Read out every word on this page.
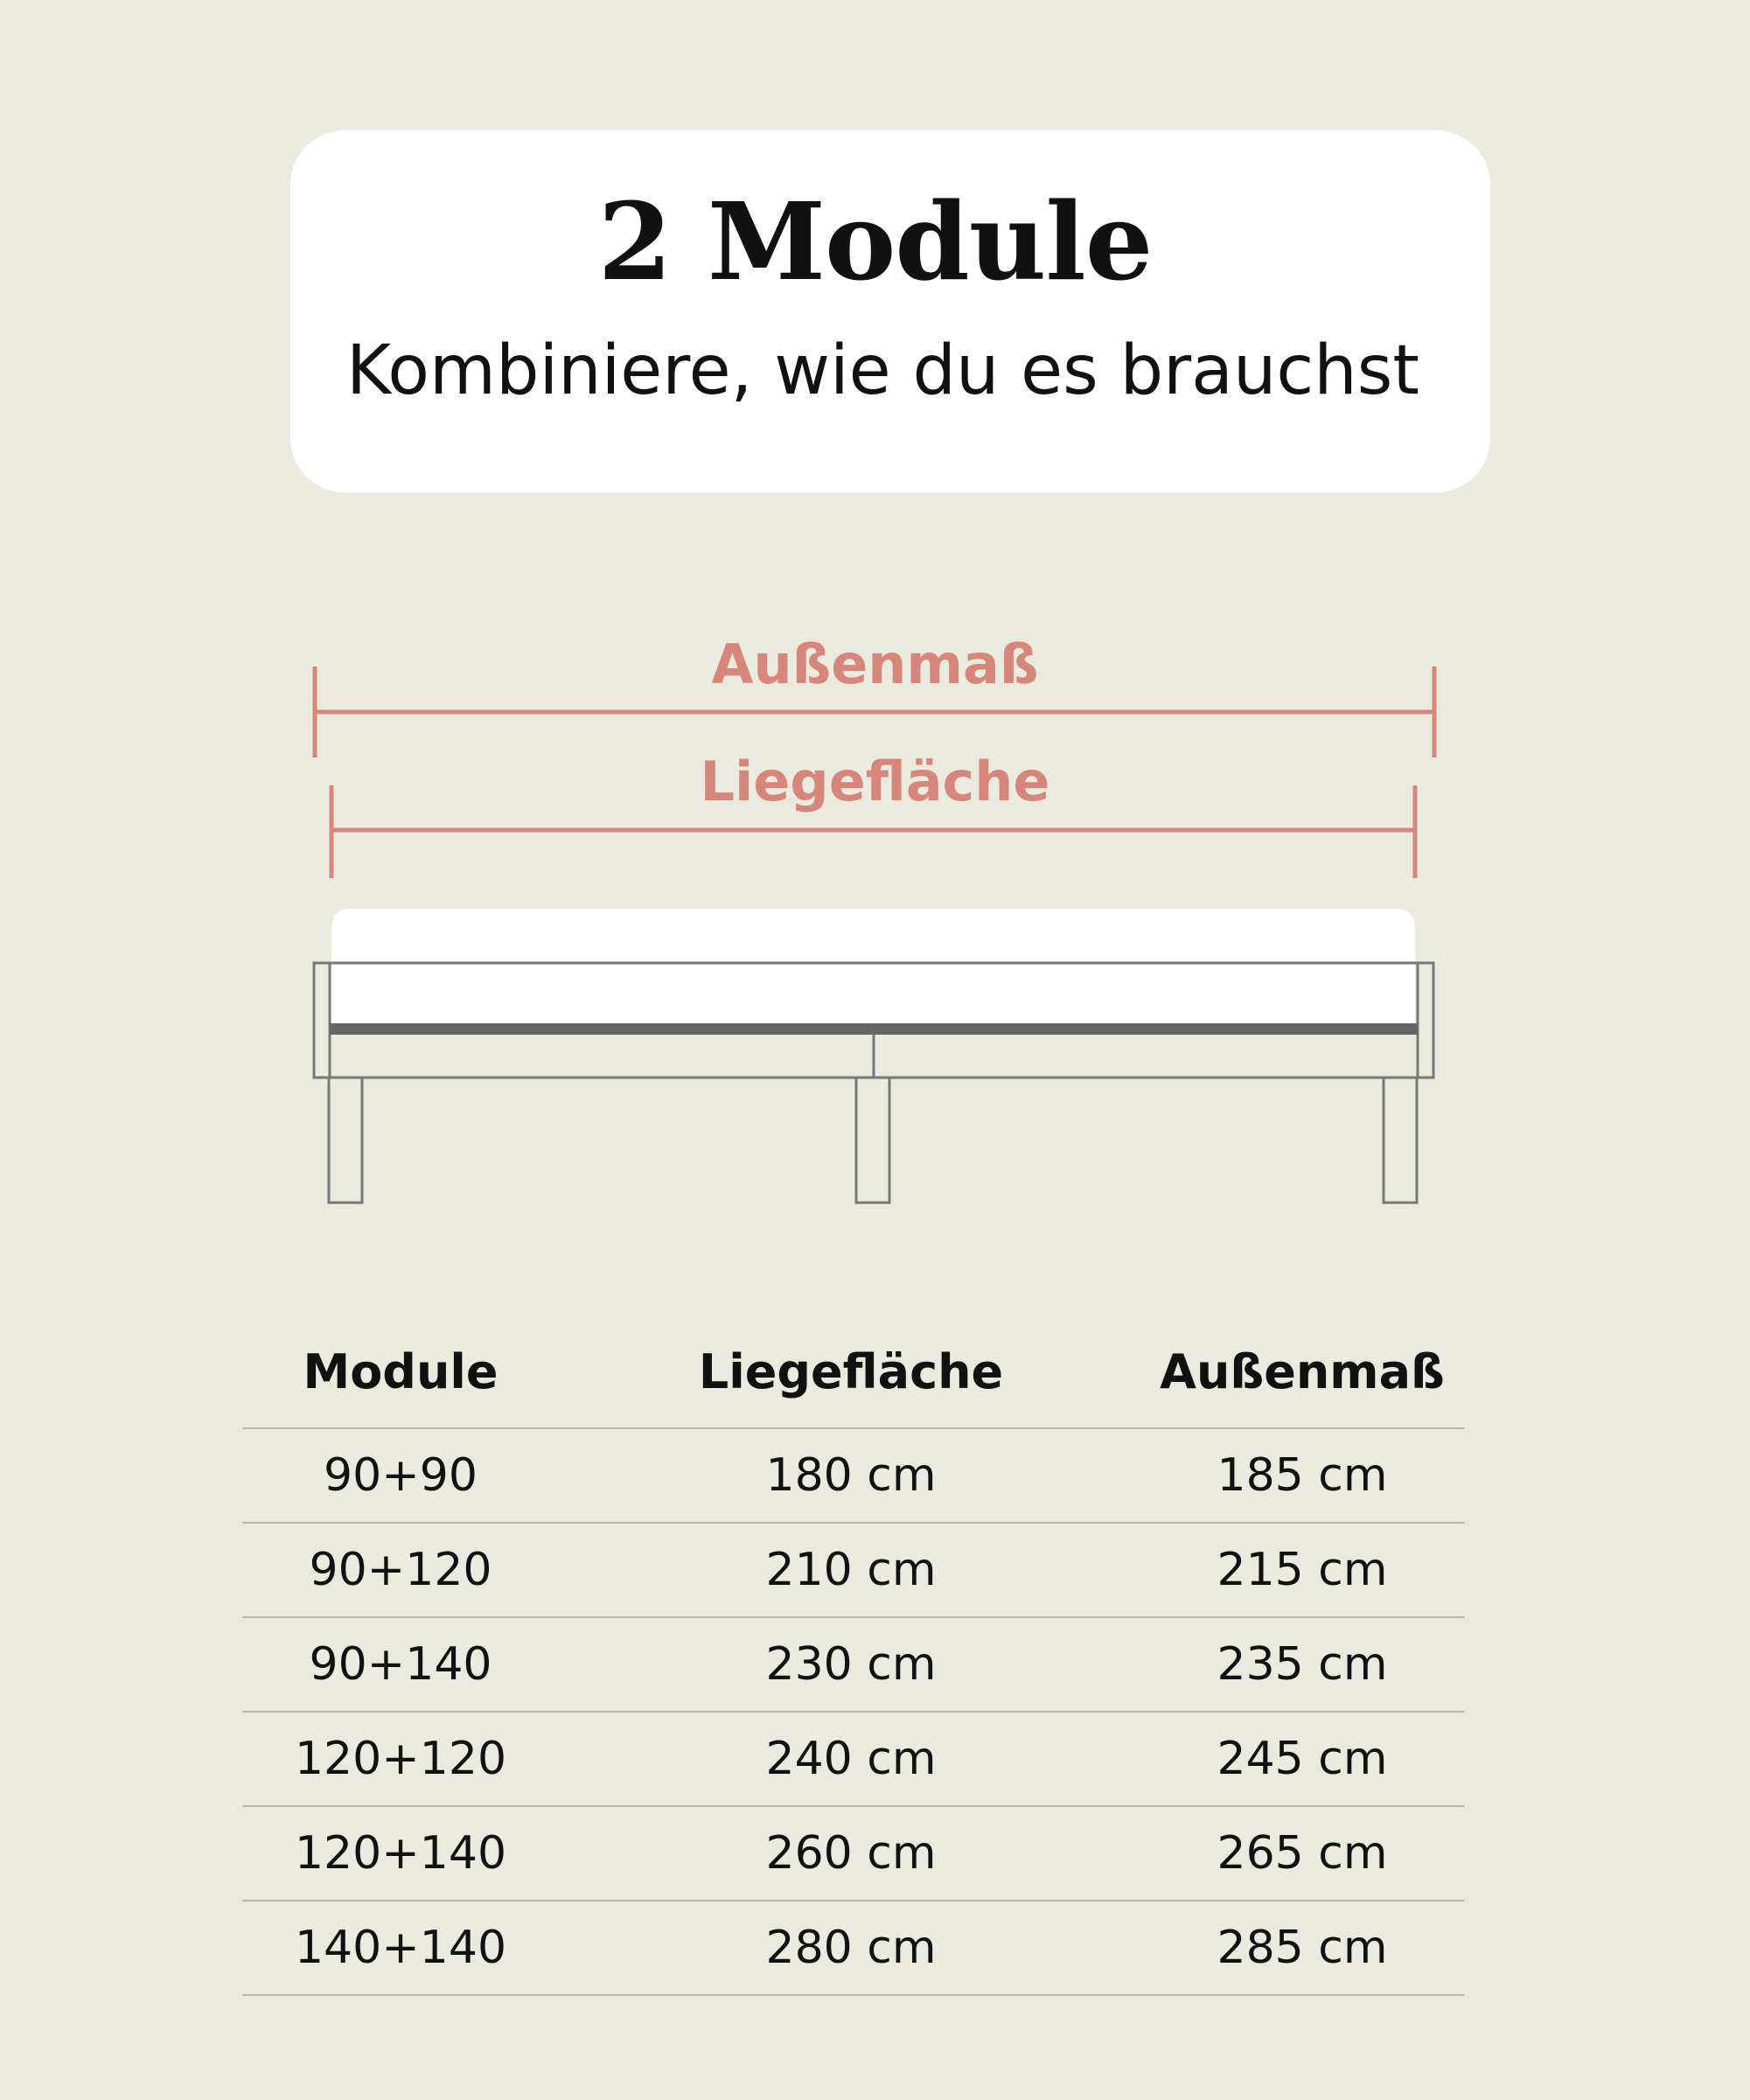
2 Module
Kombiniere, wie du es brauchst
Außenmaß
Liegefläche
Module	Liegefläche	Außenmaß
90+90	180 cm	185 cm
90+120	210 cm	215 cm
90+140	230 cm	235 cm
120+120	240 cm	245 cm
120+140	260 cm	265 cm
140+140	280 cm	285 cm
